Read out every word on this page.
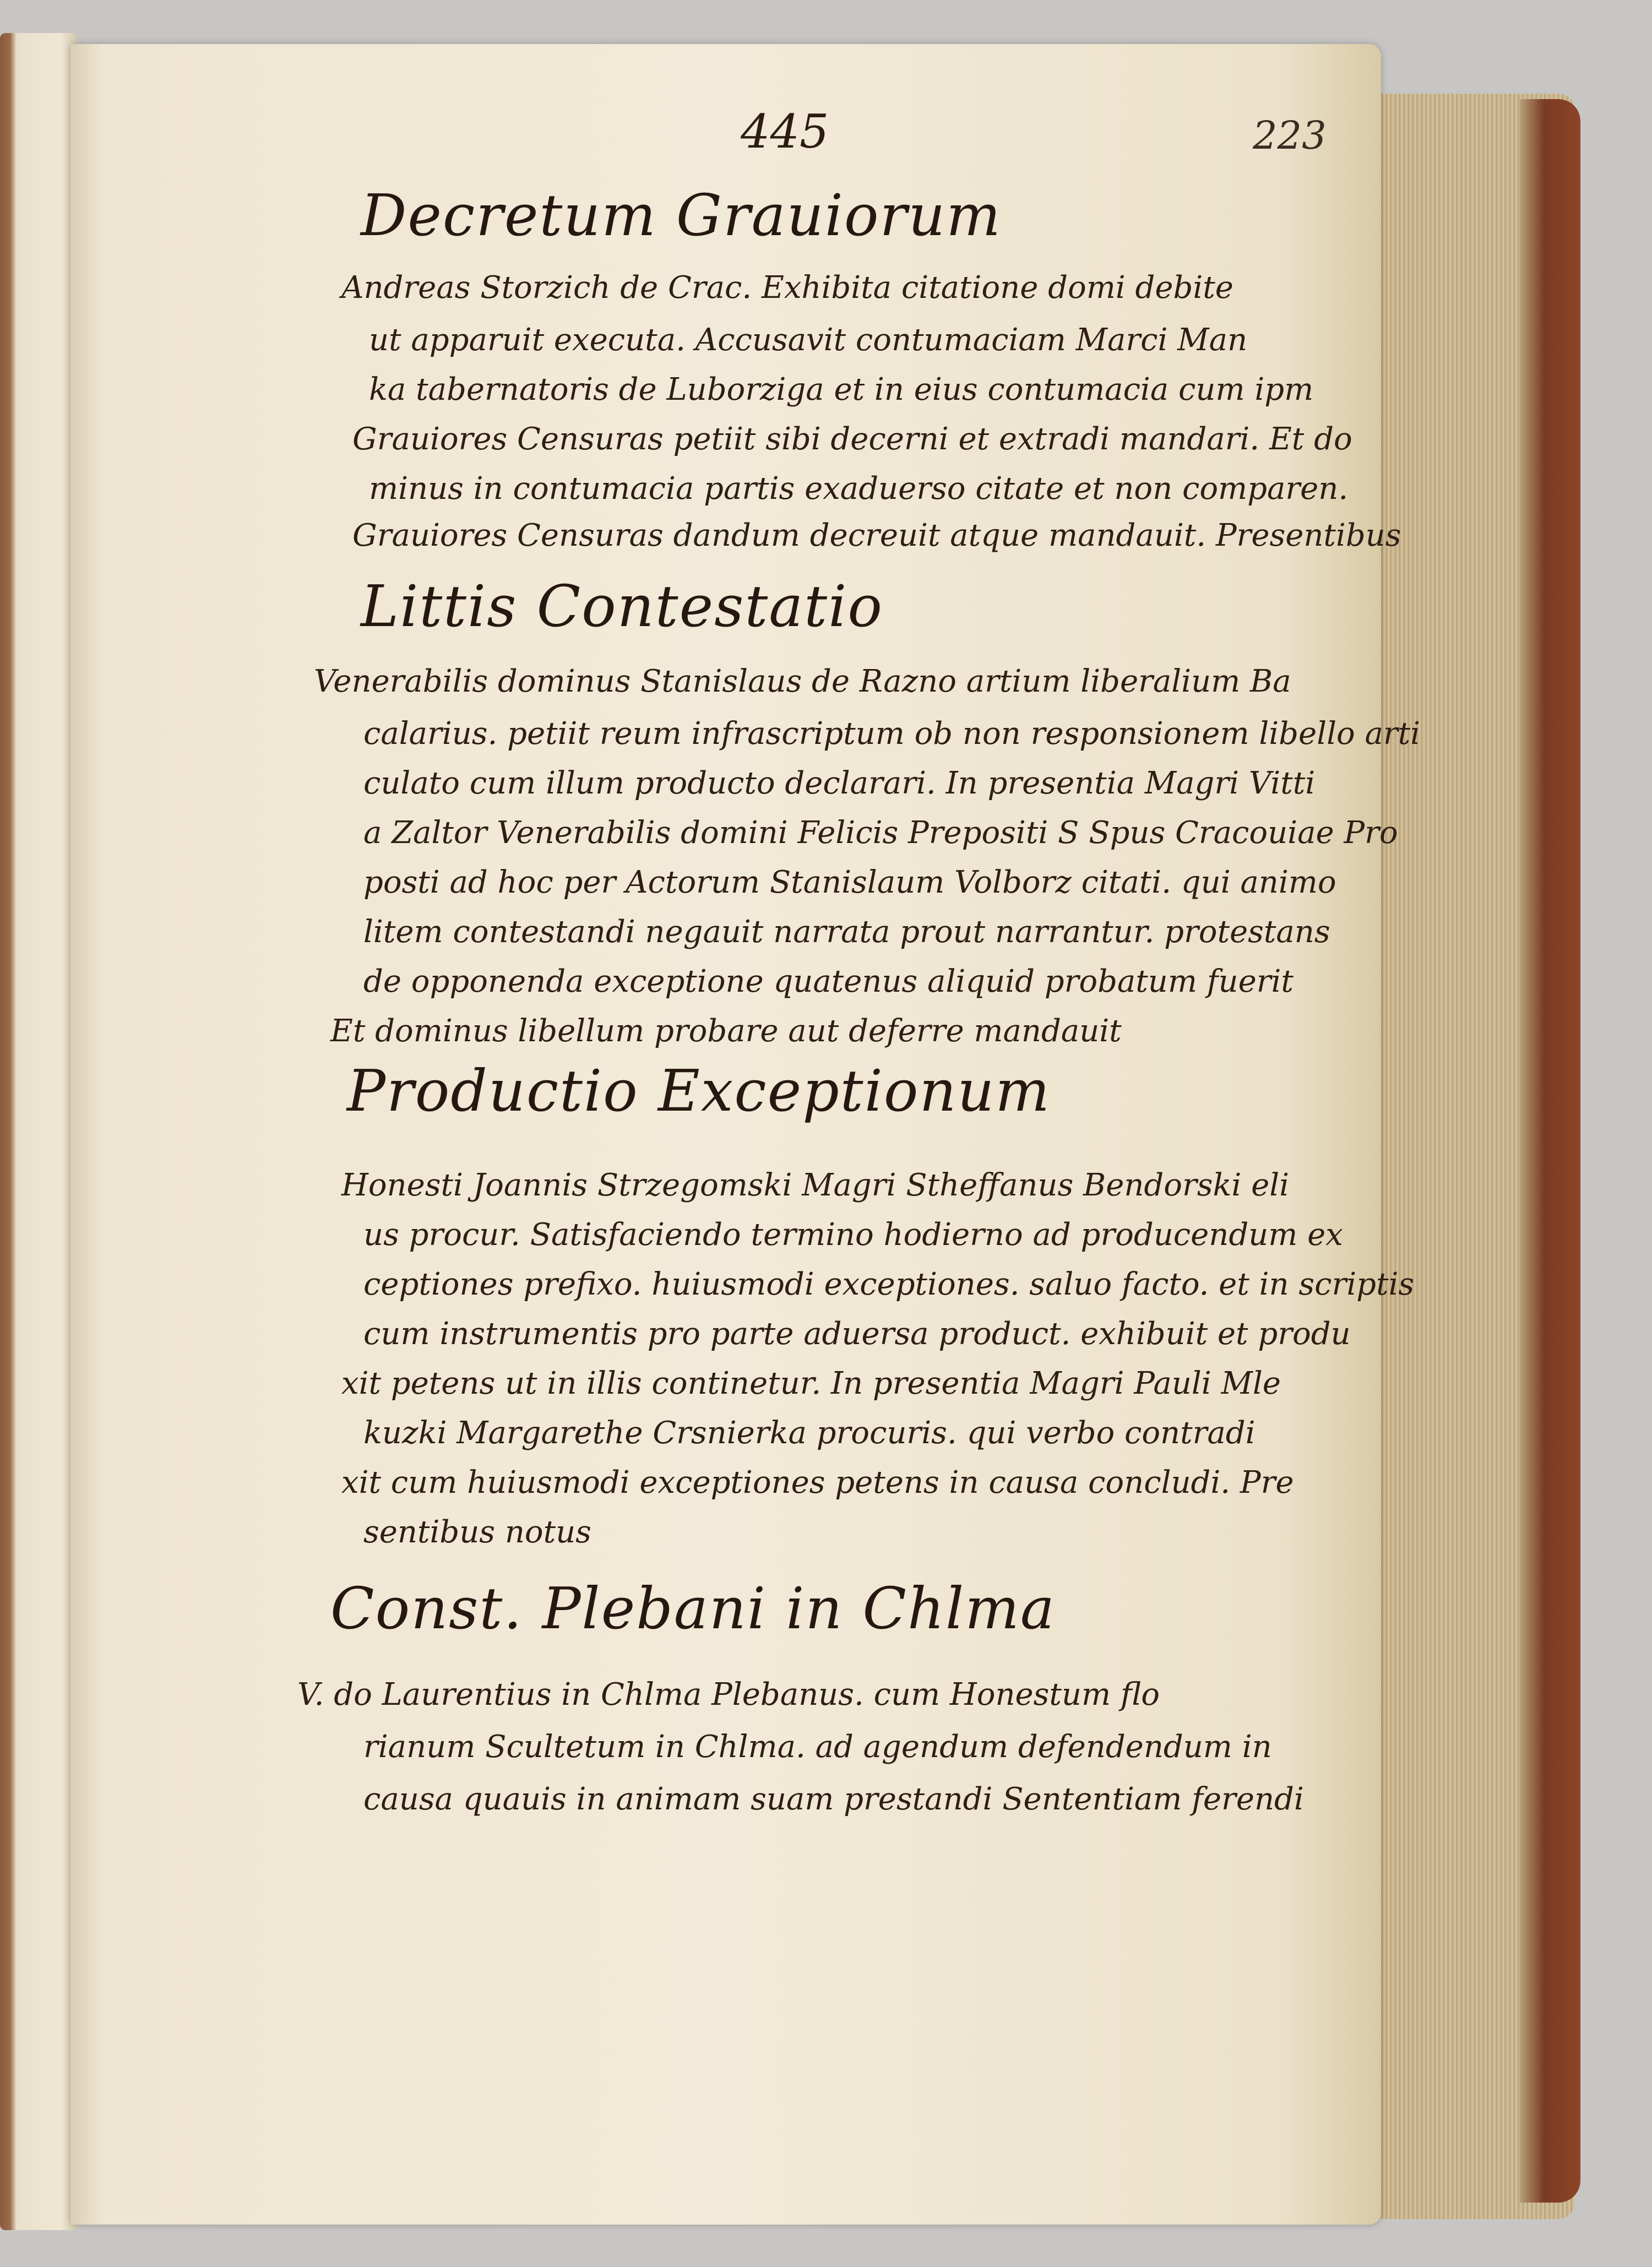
445	223
Decretum Grauiorum
Andreas Storzich de Crac. Exhibita citatione domi debite
ut apparuit executa. Accusavit contumaciam Marci Man
ka tabernatoris de Luborziga et in eius contumacia cum ipm
Grauiores Censuras petiit sibi decerni et extradi mandari. Et do
minus in contumacia partis exaduerso citate et non comparen.
Grauiores Censuras dandum decreuit atque mandauit. Presentibus
Littis Contestatio
Venerabilis dominus Stanislaus de Razno artium liberalium Ba
calarius. petiit reum infrascriptum ob non responsionem libello arti
culato cum illum producto declarari. In presentia Magri Vitti
a Zaltor Venerabilis domini Felicis Prepositi S Spus Cracouiae Pro
posti ad hoc per Actorum Stanislaum Volborz citati. qui animo
litem contestandi negauit narrata prout narrantur. protestans
de opponenda exceptione quatenus aliquid probatum fuerit
Et dominus libellum probare aut deferre mandauit
Productio Exceptionum
Honesti Joannis Strzegomski Magri Stheffanus Bendorski eli
us procur. Satisfaciendo termino hodierno ad producendum ex
ceptiones prefixo. huiusmodi exceptiones. saluo facto. et in scriptis
cum instrumentis pro parte aduersa product. exhibuit et produ
xit petens ut in illis continetur. In presentia Magri Pauli Mle
kuzki Margarethe Crsnierka procuris. qui verbo contradi
xit cum huiusmodi exceptiones petens in causa concludi. Pre
sentibus notus
Const. Plebani in Chlma
V. do Laurentius in Chlma Plebanus. cum Honestum flo
rianum Scultetum in Chlma. ad agendum defendendum in
causa quauis in animam suam prestandi Sententiam ferendi
